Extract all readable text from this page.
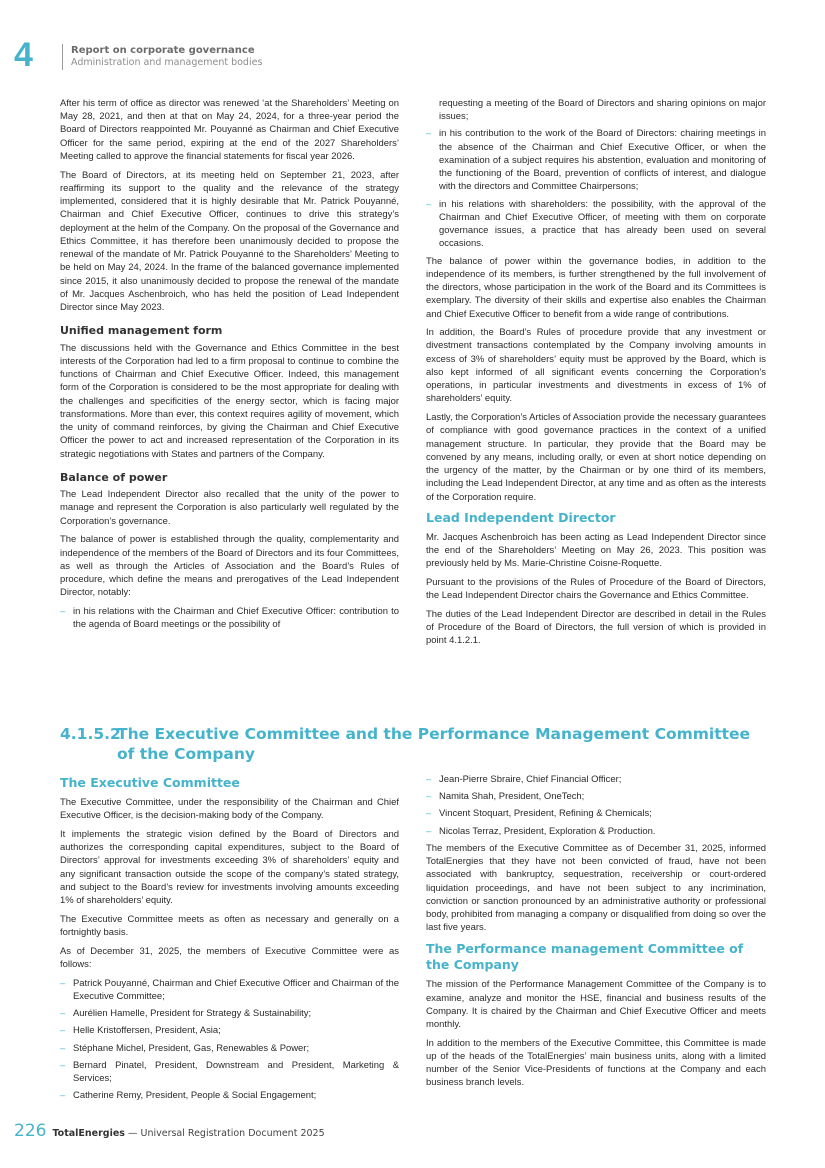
4	Report on corporate governance
Administration and management bodies

After his term of office as director was renewed ‘at the Shareholders’ Meeting on May 28, 2021, and then at that on May 24, 2024, for a three-year period the Board of Directors reappointed Mr. Pouyanné as Chairman and Chief Executive Officer for the same period, expiring at the end of the 2027 Shareholders’ Meeting called to approve the financial statements for fiscal year 2026.

The Board of Directors, at its meeting held on September 21, 2023, after reaffirming its support to the quality and the relevance of the strategy implemented, considered that it is highly desirable that Mr. Patrick Pouyanné, Chairman and Chief Executive Officer, continues to drive this strategy’s deployment at the helm of the Company. On the proposal of the Governance and Ethics Committee, it has therefore been unanimously decided to propose the renewal of the mandate of Mr. Patrick Pouyanné to the Shareholders’ Meeting to be held on May 24, 2024. In the frame of the balanced governance implemented since 2015, it also unanimously decided to propose the renewal of the mandate of Mr. Jacques Aschenbroich, who has held the position of Lead Independent Director since May 2023.

Unified management form

The discussions held with the Governance and Ethics Committee in the best interests of the Corporation had led to a firm proposal to continue to combine the functions of Chairman and Chief Executive Officer. Indeed, this management form of the Corporation is considered to be the most appropriate for dealing with the challenges and specificities of the energy sector, which is facing major transformations. More than ever, this context requires agility of movement, which the unity of command reinforces, by giving the Chairman and Chief Executive Officer the power to act and increased representation of the Corporation in its strategic negotiations with States and partners of the Company.

Balance of power

The Lead Independent Director also recalled that the unity of the power to manage and represent the Corporation is also particularly well regulated by the Corporation’s governance.

The balance of power is established through the quality, complementarity and independence of the members of the Board of Directors and its four Committees, as well as through the Articles of Association and the Board’s Rules of procedure, which define the means and prerogatives of the Lead Independent Director, notably:

– in his relations with the Chairman and Chief Executive Officer: contribution to the agenda of Board meetings or the possibility of
requesting a meeting of the Board of Directors and sharing opinions on major issues;
– in his contribution to the work of the Board of Directors: chairing meetings in the absence of the Chairman and Chief Executive Officer, or when the examination of a subject requires his abstention, evaluation and monitoring of the functioning of the Board, prevention of conflicts of interest, and dialogue with the directors and Committee Chairpersons;
– in his relations with shareholders: the possibility, with the approval of the Chairman and Chief Executive Officer, of meeting with them on corporate governance issues, a practice that has already been used on several occasions.

The balance of power within the governance bodies, in addition to the independence of its members, is further strengthened by the full involvement of the directors, whose participation in the work of the Board and its Committees is exemplary. The diversity of their skills and expertise also enables the Chairman and Chief Executive Officer to benefit from a wide range of contributions.

In addition, the Board’s Rules of procedure provide that any investment or divestment transactions contemplated by the Company involving amounts in excess of 3% of shareholders’ equity must be approved by the Board, which is also kept informed of all significant events concerning the Corporation’s operations, in particular investments and divestments in excess of 1% of shareholders’ equity.

Lastly, the Corporation’s Articles of Association provide the necessary guarantees of compliance with good governance practices in the context of a unified management structure. In particular, they provide that the Board may be convened by any means, including orally, or even at short notice depending on the urgency of the matter, by the Chairman or by one third of its members, including the Lead Independent Director, at any time and as often as the interests of the Corporation require.

Lead Independent Director

Mr. Jacques Aschenbroich has been acting as Lead Independent Director since the end of the Shareholders’ Meeting on May 26, 2023. This position was previously held by Ms. Marie-Christine Coisne-Roquette.

Pursuant to the provisions of the Rules of Procedure of the Board of Directors, the Lead Independent Director chairs the Governance and Ethics Committee.

The duties of the Lead Independent Director are described in detail in the Rules of Procedure of the Board of Directors, the full version of which is provided in point 4.1.2.1.

4.1.5.2The Executive Committee and the Performance Management Committee
of the Company
The Executive Committee

The Executive Committee, under the responsibility of the Chairman and Chief Executive Officer, is the decision-making body of the Company.

It implements the strategic vision defined by the Board of Directors and authorizes the corresponding capital expenditures, subject to the Board of Directors’ approval for investments exceeding 3% of shareholders’ equity and any significant transaction outside the scope of the company’s stated strategy, and subject to the Board’s review for investments involving amounts exceeding 1% of shareholders’ equity.

The Executive Committee meets as often as necessary and generally on a fortnightly basis.

As of December 31, 2025, the members of Executive Committee were as follows:

– Patrick Pouyanné, Chairman and Chief Executive Officer and Chairman of the Executive Committee;
– Aurélien Hamelle, President for Strategy & Sustainability;
– Helle Kristoffersen, President, Asia;
– Stéphane Michel, President, Gas, Renewables & Power;
– Bernard Pinatel, President, Downstream and President, Marketing & Services;
– Catherine Remy, President, People & Social Engagement;
– Jean-Pierre Sbraire, Chief Financial Officer;
– Namita Shah, President, OneTech;
– Vincent Stoquart, President, Refining & Chemicals;
– Nicolas Terraz, President, Exploration & Production.

The members of the Executive Committee as of December 31, 2025, informed TotalEnergies that they have not been convicted of fraud, have not been associated with bankruptcy, sequestration, receivership or court-ordered liquidation proceedings, and have not been subject to any incrimination, conviction or sanction pronounced by an administrative authority or professional body, prohibited from managing a company or disqualified from doing so over the last five years.

The Performance management Committee of the Company

The mission of the Performance Management Committee of the Company is to examine, analyze and monitor the HSE, financial and business results of the Company. It is chaired by the Chairman and Chief Executive Officer and meets monthly.

In addition to the members of the Executive Committee, this Committee is made up of the heads of the TotalEnergies’ main business units, along with a limited number of the Senior Vice-Presidents of functions at the Company and each business branch levels.

226 TotalEnergies — Universal Registration Document 2025
